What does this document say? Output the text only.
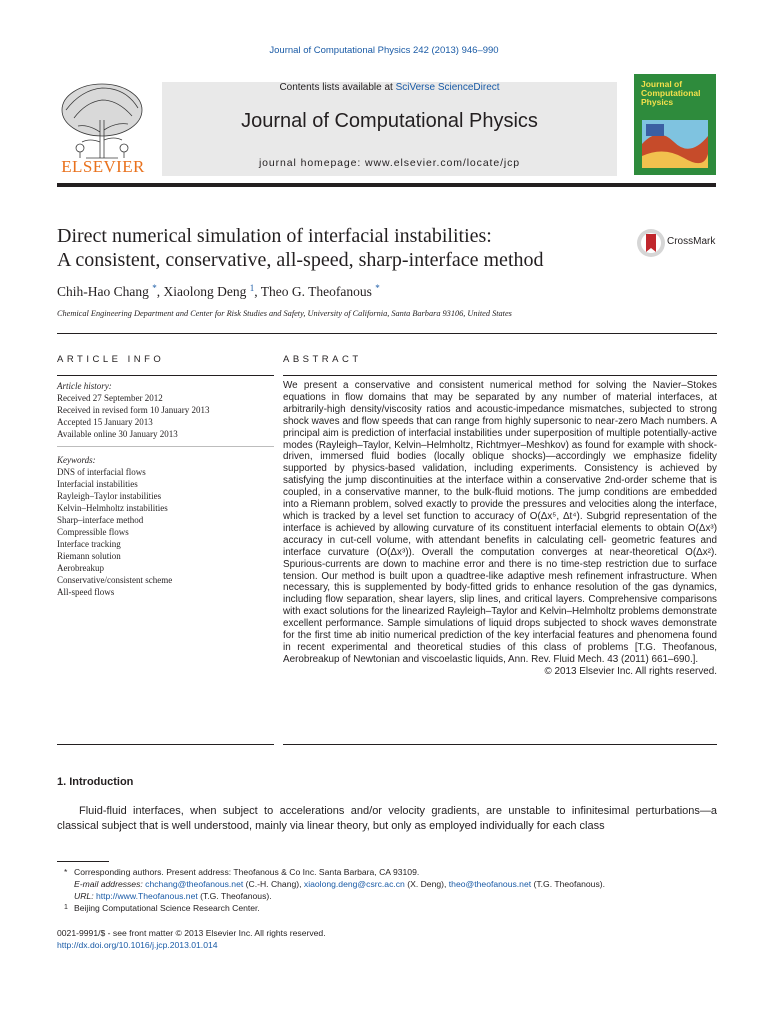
Journal of Computational Physics 242 (2013) 946–990
Contents lists available at SciVerse ScienceDirect
Journal of Computational Physics
journal homepage: www.elsevier.com/locate/jcp
ELSEVIER
Journal of
Computational
Physics
Direct numerical simulation of interfacial instabilities:
A consistent, conservative, all-speed, sharp-interface method
CrossMark
Chih-Hao Chang *, Xiaolong Deng $^1$, Theo G. Theofanous *
Chemical Engineering Department and Center for Risk Studies and Safety, University of California, Santa Barbara 93106, United States
ARTICLE INFO
Article history:
Received 27 September 2012
Received in revised form 10 January 2013
Accepted 15 January 2013
Available online 30 January 2013
Keywords:
DNS of interfacial flows
Interfacial instabilities
Rayleigh–Taylor instabilities
Kelvin–Helmholtz instabilities
Sharp–interface method
Compressible flows
Interface tracking
Riemann solution
Aerobreakup
Conservative/consistent scheme
All-speed flows
ABSTRACT

We present a conservative and consistent numerical method for solving the Navier–Stokes equations in flow domains that may be separated by any number of material interfaces, at arbitrarily-high density/viscosity ratios and acoustic-impedance mismatches, subjected to strong shock waves and flow speeds that can range from highly supersonic to near-zero Mach numbers. A principal aim is prediction of interfacial instabilities under superposition of multiple potentially-active modes (Rayleigh–Taylor, Kelvin–Helmholtz, Richtmyer–Meshkov) as found for example with shock-driven, immersed fluid bodies (locally oblique shocks)—accordingly we emphasize fidelity supported by physics-based validation, including experiments. Consistency is achieved by satisfying the jump discontinuities at the interface within a conservative 2nd-order scheme that is coupled, in a conservative manner, to the bulk-fluid motions. The jump conditions are embedded into a Riemann problem, solved exactly to provide the pressures and velocities along the interface, which is tracked by a level set function to accuracy of O(Δx⁵, Δt⁴). Subgrid representation of the interface is achieved by allowing curvature of its constituent interfacial elements to obtain O(Δx³) accuracy in cut-cell volume, with attendant benefits in calculating cell- geometric features and interface curvature (O(Δx³)). Overall the computation converges at near-theoretical O(Δx²). Spurious-currents are down to machine error and there is no time-step restriction due to surface tension. Our method is built upon a quadtree-like adaptive mesh refinement infrastructure. When necessary, this is supplemented by body-fitted grids to enhance resolution of the gas dynamics, including flow separation, shear layers, slip lines, and critical layers. Comprehensive comparisons with exact solutions for the linearized Rayleigh–Taylor and Kelvin–Helmholtz problems demonstrate excellent performance. Sample simulations of liquid drops subjected to shock waves demonstrate for the first time ab initio numerical prediction of the key interfacial features and phenomena found in recent experimental and theoretical studies of this class of problems [T.G. Theofanous, Aerobreakup of Newtonian and viscoelastic liquids, Ann. Rev. Fluid Mech. 43 (2011) 661–690.].

© 2013 Elsevier Inc. All rights reserved.

1. Introduction
Fluid-fluid interfaces, when subject to accelerations and/or velocity gradients, are unstable to infinitesimal perturbations—a classical subject that is well understood, mainly via linear theory, but only as employed individually for each class
* Corresponding authors. Present address: Theofanous & Co Inc. Santa Barbara, CA 93109.
E-mail addresses: chchang@theofanous.net (C.-H. Chang), xiaolong.deng@csrc.ac.cn (X. Deng), theo@theofanous.net (T.G. Theofanous).
URL: http://www.Theofanous.net (T.G. Theofanous).
1 Beijing Computational Science Research Center.
0021-9991/$ - see front matter © 2013 Elsevier Inc. All rights reserved.
http://dx.doi.org/10.1016/j.jcp.2013.01.014
